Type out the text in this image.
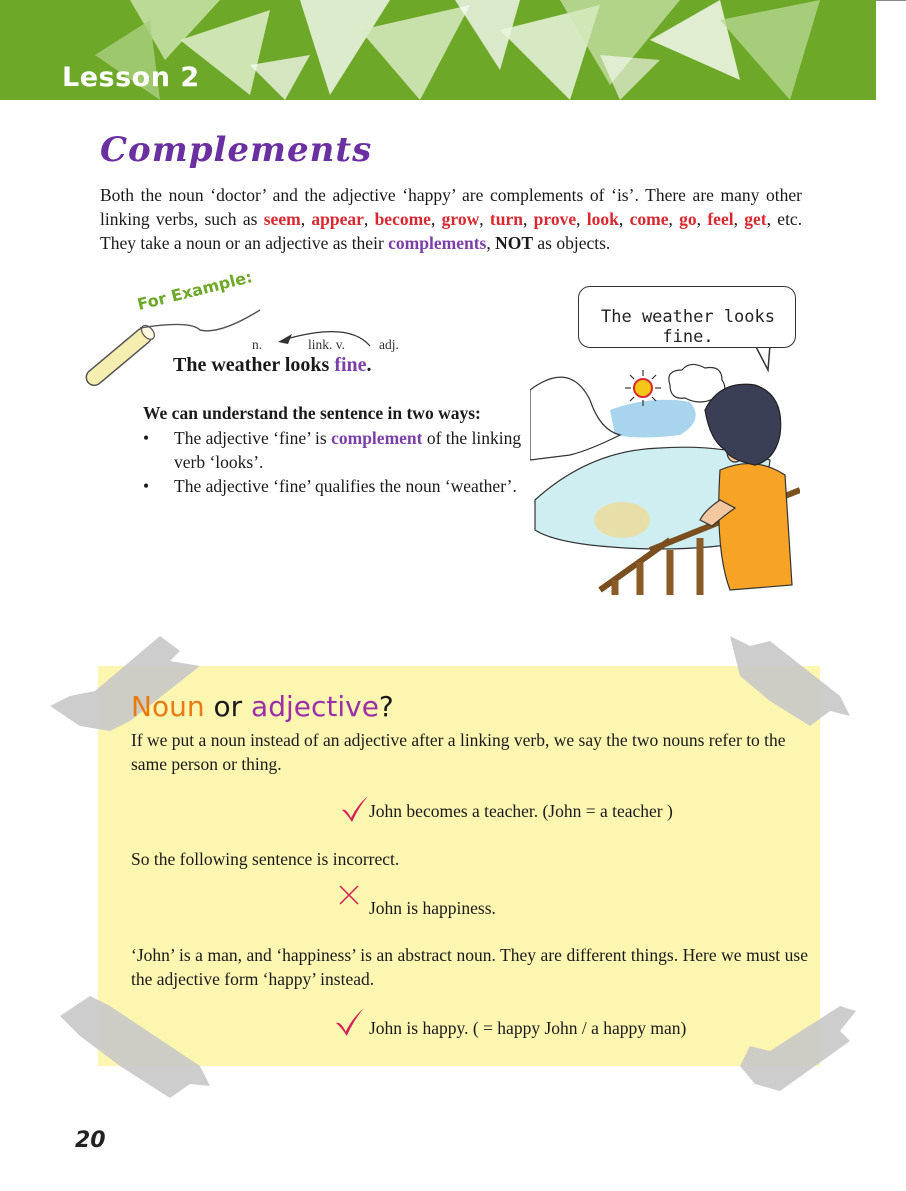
Lesson 2
Complements
Both the noun ‘doctor’ and the adjective ‘happy’ are complements of ‘is’. There are many other linking verbs, such as seem, appear, become, grow, turn, prove, look, come, go, feel, get, etc. They take a noun or an adjective as their complements, NOT as objects.
For Example:
n.	link. v.	adj.
The weather looks fine.
We can understand the sentence in two ways:
• The adjective ‘fine’ is complement of the linking verb ‘looks’.
• The adjective ‘fine’ qualifies the noun ‘weather’.
The weather looks fine.
Noun or adjective?
If we put a noun instead of an adjective after a linking verb, we say the two nouns refer to the same person or thing.
John becomes a teacher. (John = a teacher )
So the following sentence is incorrect.
John is happiness.
‘John’ is a man, and ‘happiness’ is an abstract noun. They are different things. Here we must use the adjective form ‘happy’ instead.
John is happy. ( = happy John / a happy man)
20
